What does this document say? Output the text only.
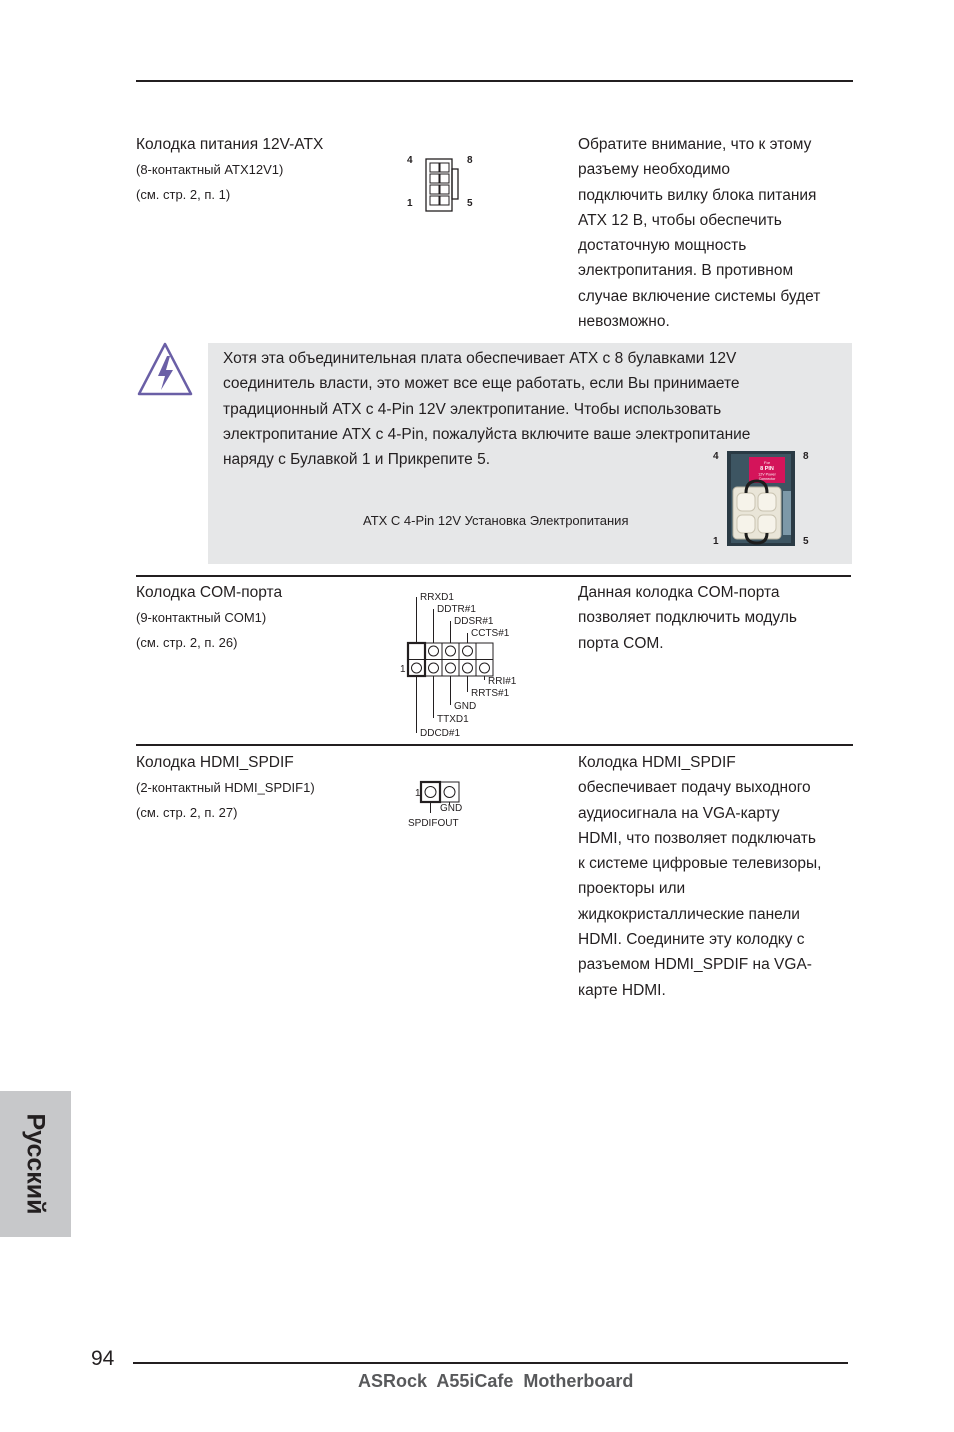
Колодка питания 12V-ATX
(8-контактный ATX12V1)
(см. стр. 2, п. 1)
4	8
1	5
Обратите внимание, что к этому
разъему необходимо
подключить вилку блока питания
АТХ 12 В, чтобы обеспечить
достаточную мощность
электропитания. В противном
случае включение системы будет
невозможно.
Хотя эта объединительная плата обеспечивает ATX с 8 булавками 12V
соединитель власти, это может все еще работать, если Вы принимаете
традиционный ATX с 4-Pin 12V электропитание. Чтобы использовать
электропитание ATX с 4-Pin, пожалуйста включите ваше электропитание
наряду с Булавкой 1 и Прикрепите 5.
ATX С 4-Pin 12V Установка Электропитания
4	8
1	5
For
8 PIN
12V Power
Connector
Колодка COM-порта
(9-контактный COM1)
(см. стр. 2, п. 26)
RRXD1
DDTR#1
DDSR#1
CCTS#1
1
RRI#1
RRTS#1
GND
TTXD1
DDCD#1
Данная колодка COM-порта
позволяет подключить модуль
порта COM.
Колодка HDMI_SPDIF
(2-контактный HDMI_SPDIF1)
(см. стр. 2, п. 27)
1
GND
SPDIFOUT
Колодка HDMI_SPDIF
обеспечивает подачу выходного
аудиосигнала на VGA-карту
HDMI, что позволяет подключать
к системе цифровые телевизоры,
проекторы или
жидкокристаллические панели
HDMI. Соедините эту колодку с
разъемом HDMI_SPDIF на VGA-
карте HDMI.
Русский
94
ASRock  A55iCafe  Motherboard
